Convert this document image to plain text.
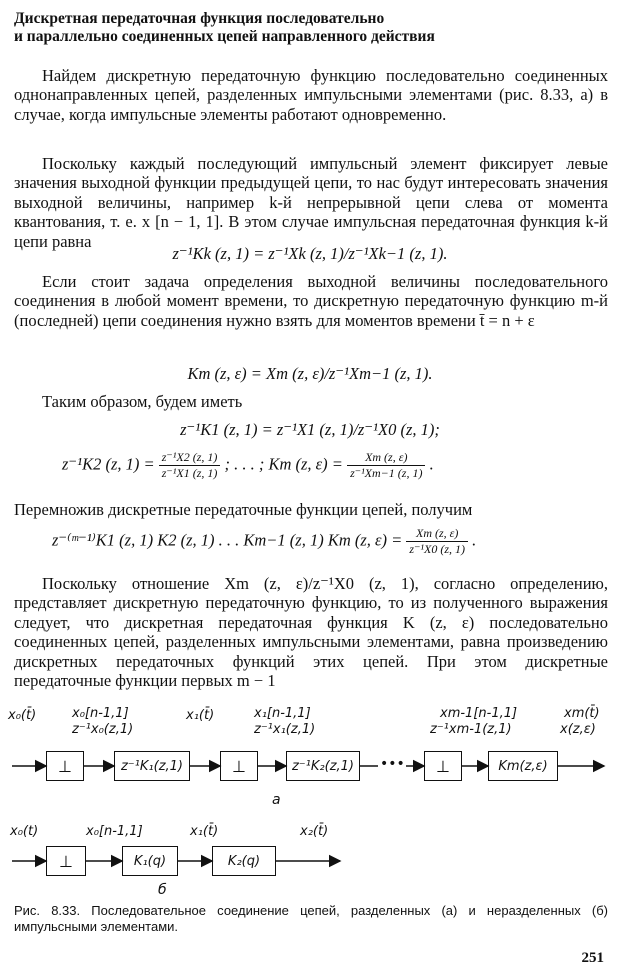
Дискретная передаточная функция последовательно
и параллельно соединенных цепей направленного действия
Найдем дискретную передаточную функцию последовательно соединенных однонаправленных цепей, разделенных импульсными элементами (рис. 8.33, а) в случае, когда импульсные элементы работают одновременно.
Поскольку каждый последующий импульсный элемент фиксирует левые значения выходной функции предыдущей цепи, то нас будут интересовать значения выходной величины, например k-й непрерывной цепи слева от момента квантования, т. е. x [n − 1, 1]. В этом случае импульсная передаточная функция k-й цепи равна
z⁻¹Kk (z, 1) = z⁻¹Xk (z, 1)/z⁻¹Xk−1 (z, 1).
Если стоит задача определения выходной величины последовательного соединения в любой момент времени, то дискретную передаточную функцию m-й (последней) цепи соединения нужно взять для моментов времени t̄ = n + ε
Km (z, ε) = Xm (z, ε)/z⁻¹Xm−1 (z, 1).
Таким образом, будем иметь
z⁻¹K1 (z, 1) = z⁻¹X1 (z, 1)/z⁻¹X0 (z, 1);
z⁻¹K2 (z, $1) = \frac{\text{z⁻¹X2 (z, 1)}}{\text{z⁻¹X1 (z, 1)}}$ ; . . . ; Km (z, $\varepsilon) = \frac{Xm (z, \varepsilon)}{\text{z⁻¹Xm−1 (z, 1)}}$ .
Перемножив дискретные передаточные функции цепей, получим
z⁻⁽ᵐ⁻¹⁾K1 (z, 1) K2 (z, 1) . . . Km−1 (z, 1) Km (z, $\varepsilon) = \frac{Xm (z, \varepsilon)}{\text{z⁻¹X0 (z, 1)}}$ .
Поскольку отношение Xm (z, ε)/z⁻¹X0 (z, 1), согласно определению, представляет дискретную передаточную функцию, то из полученного выражения следует, что дискретная передаточная функция K (z, ε) последовательно соединенных цепей, разделенных импульсными элементами, равна произведению дискретных передаточных функций этих цепей. При этом дискретные передаточные функции первых m − 1
x₀(t̄)	x₀[n-1,1]
z⁻¹x₀(z,1)
x₁(t̄)	x₁[n-1,1]
z⁻¹x₁(z,1)
xm-1[n-1,1]
z⁻¹xm-1(z,1)
xm(t̄)
x(z,ε)
⊥	z⁻¹K₁(z,1)	⊥	z⁻¹K₂(z,1)	•••	⊥	Km(z,ε)
а
x₀(t)	x₀[n-1,1]	x₁(t̄)	x₂(t̄)
⊥	K₁(q)	K₂(q)
б
Рис. 8.33. Последовательное соединение цепей, разделенных (а) и неразделенных (б) импульсными элементами.
251
